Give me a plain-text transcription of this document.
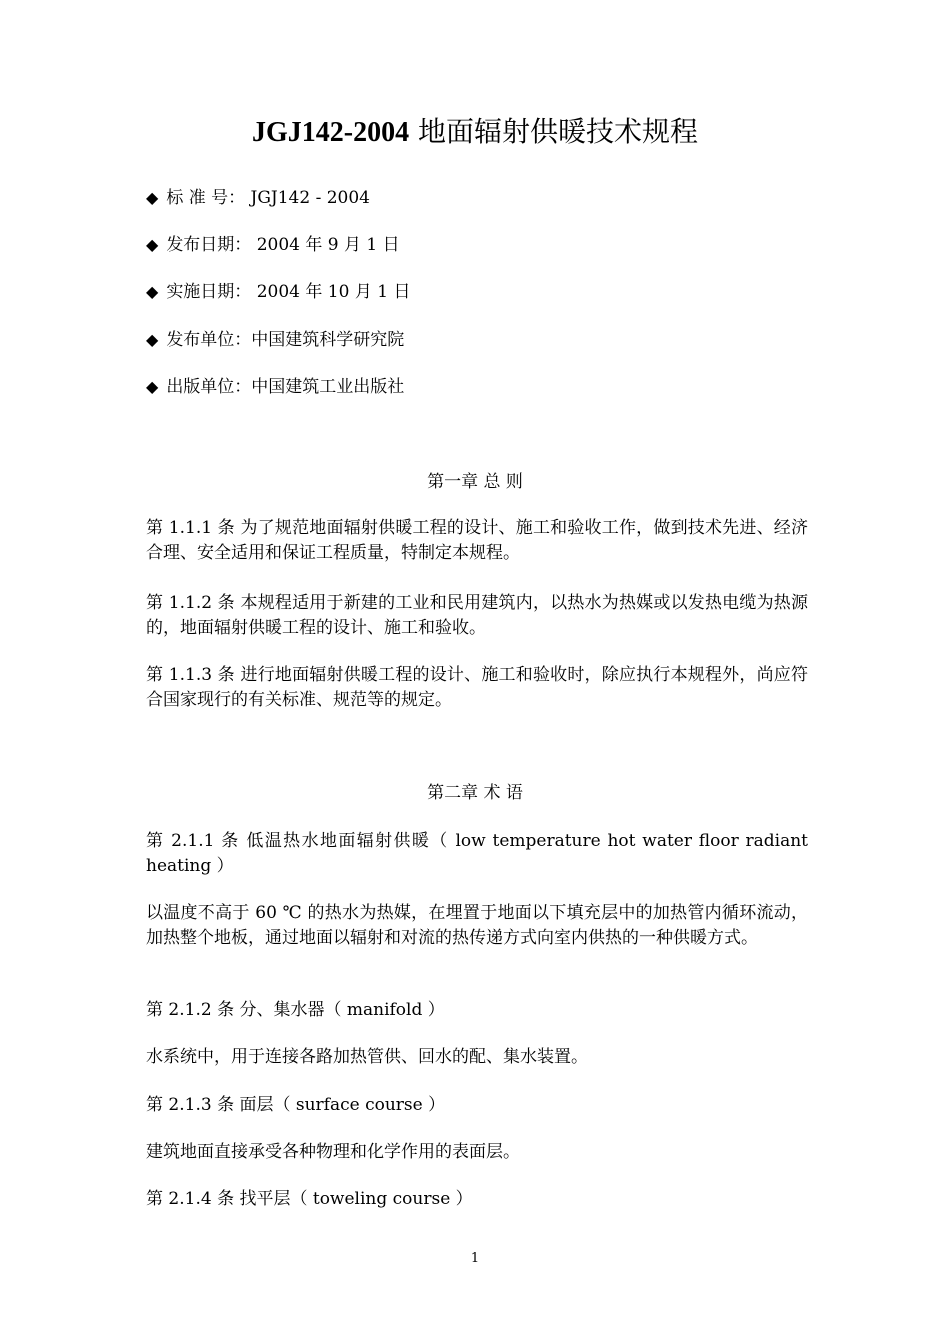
JGJ142-2004 地面辐射供暖技术规程
◆ 标 准 号： JGJ142 - 2004
◆ 发布日期： 2004 年 9 月 1 日
◆ 实施日期： 2004 年 10 月 1 日
◆ 发布单位：中国建筑科学研究院
◆ 出版单位：中国建筑工业出版社
第一章 总 则
第 1.1.1 条 为了规范地面辐射供暖工程的设计、施工和验收工作，做到技术先进、经济合理、安全适用和保证工程质量，特制定本规程。
第 1.1.2 条 本规程适用于新建的工业和民用建筑内，以热水为热媒或以发热电缆为热源的，地面辐射供暖工程的设计、施工和验收。
第 1.1.3 条 进行地面辐射供暖工程的设计、施工和验收时，除应执行本规程外，尚应符合国家现行的有关标准、规范等的规定。
第二章 术 语
第 2.1.1 条 低温热水地面辐射供暖（ low temperature hot water floor radiant heating ）
以温度不高于 60 ℃ 的热水为热媒，在埋置于地面以下填充层中的加热管内循环流动，加热整个地板，通过地面以辐射和对流的热传递方式向室内供热的一种供暖方式。
第 2.1.2 条 分、集水器（ manifold ）
水系统中，用于连接各路加热管供、回水的配、集水装置。
第 2.1.3 条 面层（ surface course ）
建筑地面直接承受各种物理和化学作用的表面层。
第 2.1.4 条 找平层（ toweling course ）
1
